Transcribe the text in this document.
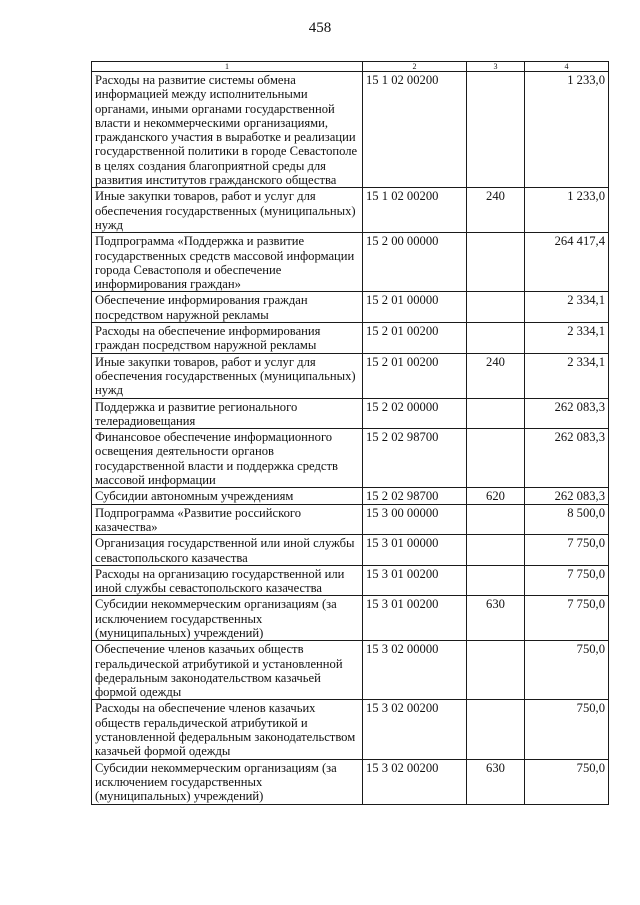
458
1	2	3	4
Расходы на развитие системы обмена информацией между исполнительными органами, иными органами государственной власти и некоммерческими организациями, гражданского участия в выработке и реализации государственной политики в городе Севастополе в целях создания благоприятной среды для развития институтов гражданского общества	15 1 02 00200		1 233,0
Иные закупки товаров, работ и услуг для обеспечения государственных (муниципальных) нужд	15 1 02 00200	240	1 233,0
Подпрограмма «Поддержка и развитие государственных средств массовой информации города Севастополя и обеспечение информирования граждан»	15 2 00 00000		264 417,4
Обеспечение информирования граждан посредством наружной рекламы	15 2 01 00000		2 334,1
Расходы на обеспечение информирования граждан посредством наружной рекламы	15 2 01 00200		2 334,1
Иные закупки товаров, работ и услуг для обеспечения государственных (муниципальных) нужд	15 2 01 00200	240	2 334,1
Поддержка и развитие регионального телерадиовещания	15 2 02 00000		262 083,3
Финансовое обеспечение информационного освещения деятельности органов государственной власти и поддержка средств массовой информации	15 2 02 98700		262 083,3
Субсидии автономным учреждениям	15 2 02 98700	620	262 083,3
Подпрограмма «Развитие российского казачества»	15 3 00 00000		8 500,0
Организация государственной или иной службы севастопольского казачества	15 3 01 00000		7 750,0
Расходы на организацию государственной или иной службы севастопольского казачества	15 3 01 00200		7 750,0
Субсидии некоммерческим организациям (за исключением государственных (муниципальных) учреждений)	15 3 01 00200	630	7 750,0
Обеспечение членов казачьих обществ геральдической атрибутикой и установленной федеральным законодательством казачьей формой одежды	15 3 02 00000		750,0
Расходы на обеспечение членов казачьих обществ геральдической атрибутикой и установленной федеральным законодательством казачьей формой одежды	15 3 02 00200		750,0
Субсидии некоммерческим организациям (за исключением государственных (муниципальных) учреждений)	15 3 02 00200	630	750,0
